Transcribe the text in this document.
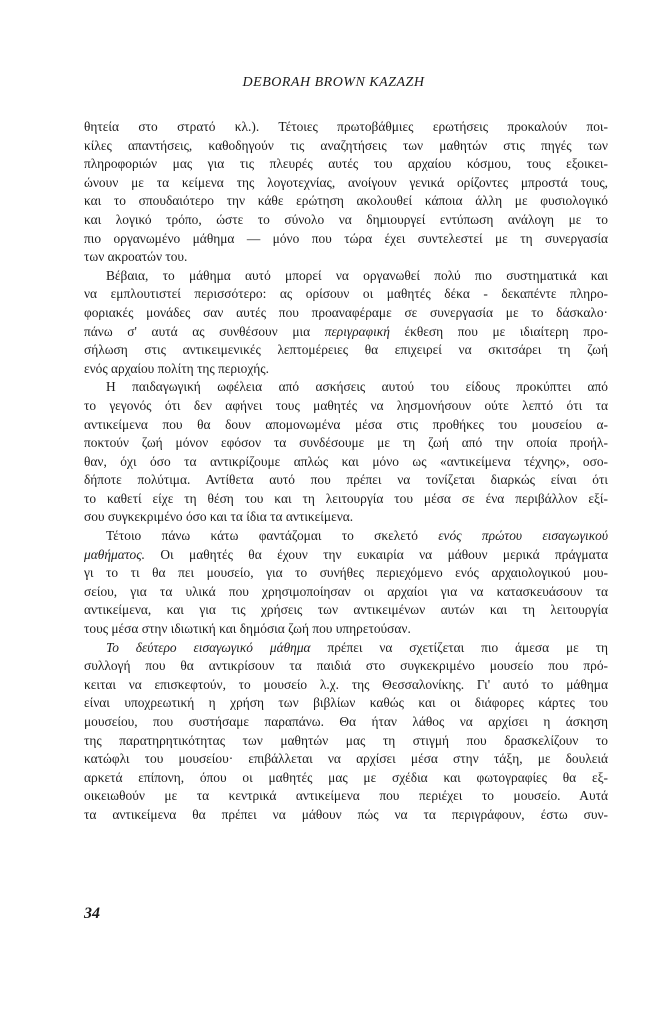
DEBORAH BROWN KAZAZH
θητεία στο στρατό κλ.). Τέτοιες πρωτοβάθμιες ερωτήσεις προκαλούν ποι-
κίλες απαντήσεις, καθοδηγούν τις αναζητήσεις των μαθητών στις πηγές των
πληροφοριών μας για τις πλευρές αυτές του αρχαίου κόσμου, τους εξοικει-
ώνουν με τα κείμενα της λογοτεχνίας, ανοίγουν γενικά ορίζοντες μπροστά τους,
και το σπουδαιότερο την κάθε ερώτηση ακολουθεί κάποια άλλη με φυσιολογικό
και λογικό τρόπο, ώστε το σύνολο να δημιουργεί εντύπωση ανάλογη με το
πιο οργανωμένο μάθημα — μόνο που τώρα έχει συντελεστεί με τη συνεργασία
των ακροατών του.
Βέβαια, το μάθημα αυτό μπορεί να οργανωθεί πολύ πιο συστηματικά και
να εμπλουτιστεί περισσότερο: ας ορίσουν οι μαθητές δέκα - δεκαπέντε πληρο-
φοριακές μονάδες σαν αυτές που προαναφέραμε σε συνεργασία με το δάσκαλο·
πάνω σ' αυτά ας συνθέσουν μια περιγραφική έκθεση που με ιδιαίτερη προ-
σήλωση στις αντικειμενικές λεπτομέρειες θα επιχειρεί να σκιτσάρει τη ζωή
ενός αρχαίου πολίτη της περιοχής.
Η παιδαγωγική ωφέλεια από ασκήσεις αυτού του είδους προκύπτει από
το γεγονός ότι δεν αφήνει τους μαθητές να λησμονήσουν ούτε λεπτό ότι τα
αντικείμενα που θα δουν απομονωμένα μέσα στις προθήκες του μουσείου α-
ποκτούν ζωή μόνον εφόσον τα συνδέσουμε με τη ζωή από την οποία προήλ-
θαν, όχι όσο τα αντικρίζουμε απλώς και μόνο ως «αντικείμενα τέχνης», οσο-
δήποτε πολύτιμα. Αντίθετα αυτό που πρέπει να τονίζεται διαρκώς είναι ότι
το καθετί είχε τη θέση του και τη λειτουργία του μέσα σε ένα περιβάλλον εξί-
σου συγκεκριμένο όσο και τα ίδια τα αντικείμενα.
Τέτοιο πάνω κάτω φαντάζομαι το σκελετό ενός πρώτου εισαγωγικού
μαθήματος. Οι μαθητές θα έχουν την ευκαιρία να μάθουν μερικά πράγματα
γι το τι θα πει μουσείο, για το συνήθες περιεχόμενο ενός αρχαιολογικού μου-
σείου, για τα υλικά που χρησιμοποίησαν οι αρχαίοι για να κατασκευάσουν τα
αντικείμενα, και για τις χρήσεις των αντικειμένων αυτών και τη λειτουργία
τους μέσα στην ιδιωτική και δημόσια ζωή που υπηρετούσαν.
Το δεύτερο εισαγωγικό μάθημα πρέπει να σχετίζεται πιο άμεσα με τη
συλλογή που θα αντικρίσουν τα παιδιά στο συγκεκριμένο μουσείο που πρό-
κειται να επισκεφτούν, το μουσείο λ.χ. της Θεσσαλονίκης. Γι' αυτό το μάθημα
είναι υποχρεωτική η χρήση των βιβλίων καθώς και οι διάφορες κάρτες του
μουσείου, που συστήσαμε παραπάνω. Θα ήταν λάθος να αρχίσει η άσκηση
της παρατηρητικότητας των μαθητών μας τη στιγμή που δρασκελίζουν το
κατώφλι του μουσείου· επιβάλλεται να αρχίσει μέσα στην τάξη, με δουλειά
αρκετά επίπονη, όπου οι μαθητές μας με σχέδια και φωτογραφίες θα εξ-
οικειωθούν με τα κεντρικά αντικείμενα που περιέχει το μουσείο. Αυτά
τα αντικείμενα θα πρέπει να μάθουν πώς να τα περιγράφουν, έστω συν-
34
